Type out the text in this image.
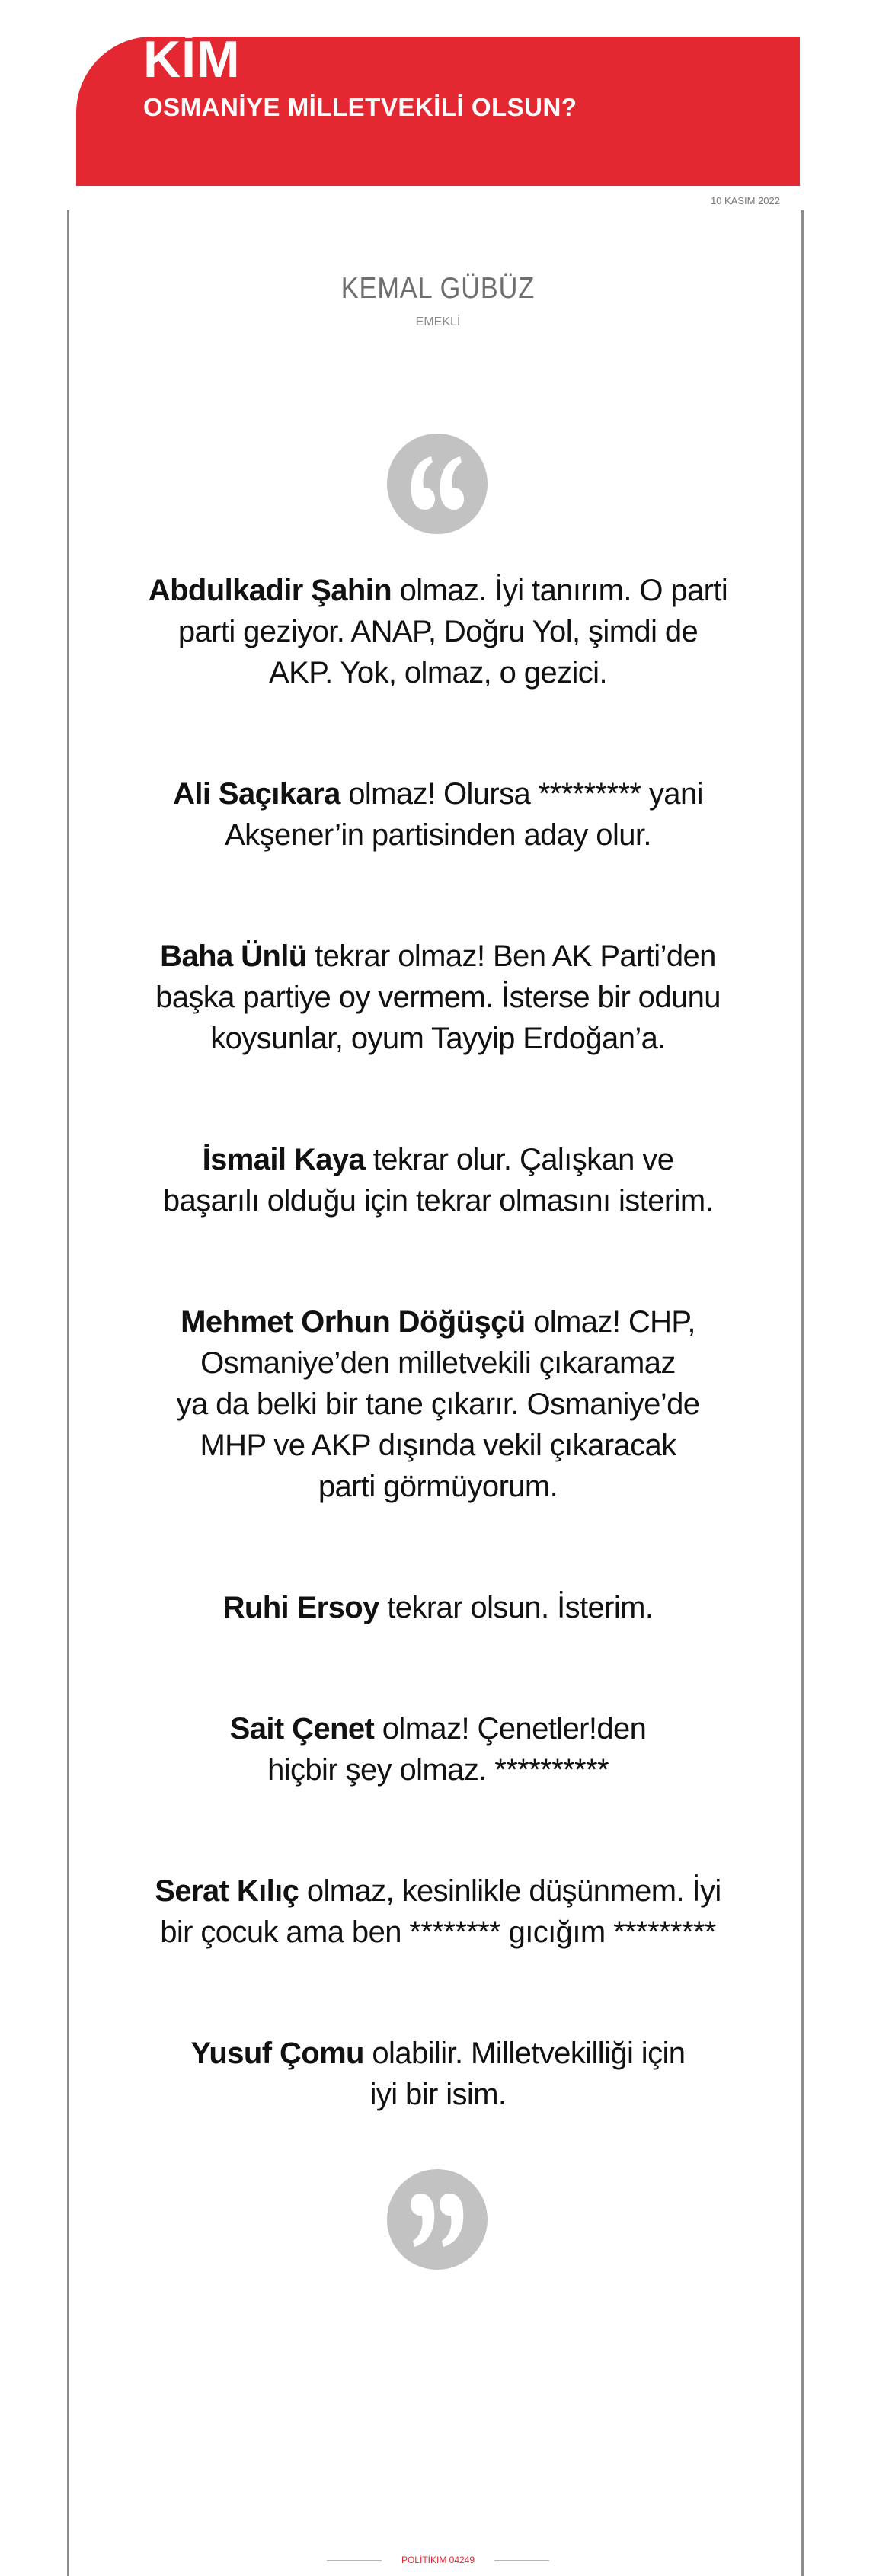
KİM
OSMANİYE MİLLETVEKİLİ OLSUN?
10 KASIM 2022
KEMAL GÜBÜZ
EMEKLİ

Abdulkadir Şahin olmaz. İyi tanırım. O parti
parti geziyor. ANAP, Doğru Yol, şimdi de
AKP. Yok, olmaz, o gezici.

Ali Saçıkara olmaz! Olursa ********* yani
Akşener’in partisinden aday olur.

Baha Ünlü tekrar olmaz! Ben AK Parti’den
başka partiye oy vermem. İsterse bir odunu
koysunlar, oyum Tayyip Erdoğan’a.

İsmail Kaya tekrar olur. Çalışkan ve
başarılı olduğu için tekrar olmasını isterim.

Mehmet Orhun Döğüşçü olmaz! CHP,
Osmaniye’den milletvekili çıkaramaz
ya da belki bir tane çıkarır. Osmaniye’de
MHP ve AKP dışında vekil çıkaracak
parti görmüyorum.

Ruhi Ersoy tekrar olsun. İsterim.

Sait Çenet olmaz! Çenetler!den
hiçbir şey olmaz. **********

Serat Kılıç olmaz, kesinlikle düşünmem. İyi
bir çocuk ama ben ******** gıcığım *********

Yusuf Çomu olabilir. Milletvekilliği için
iyi bir isim.

POLİTİKIM 04249
